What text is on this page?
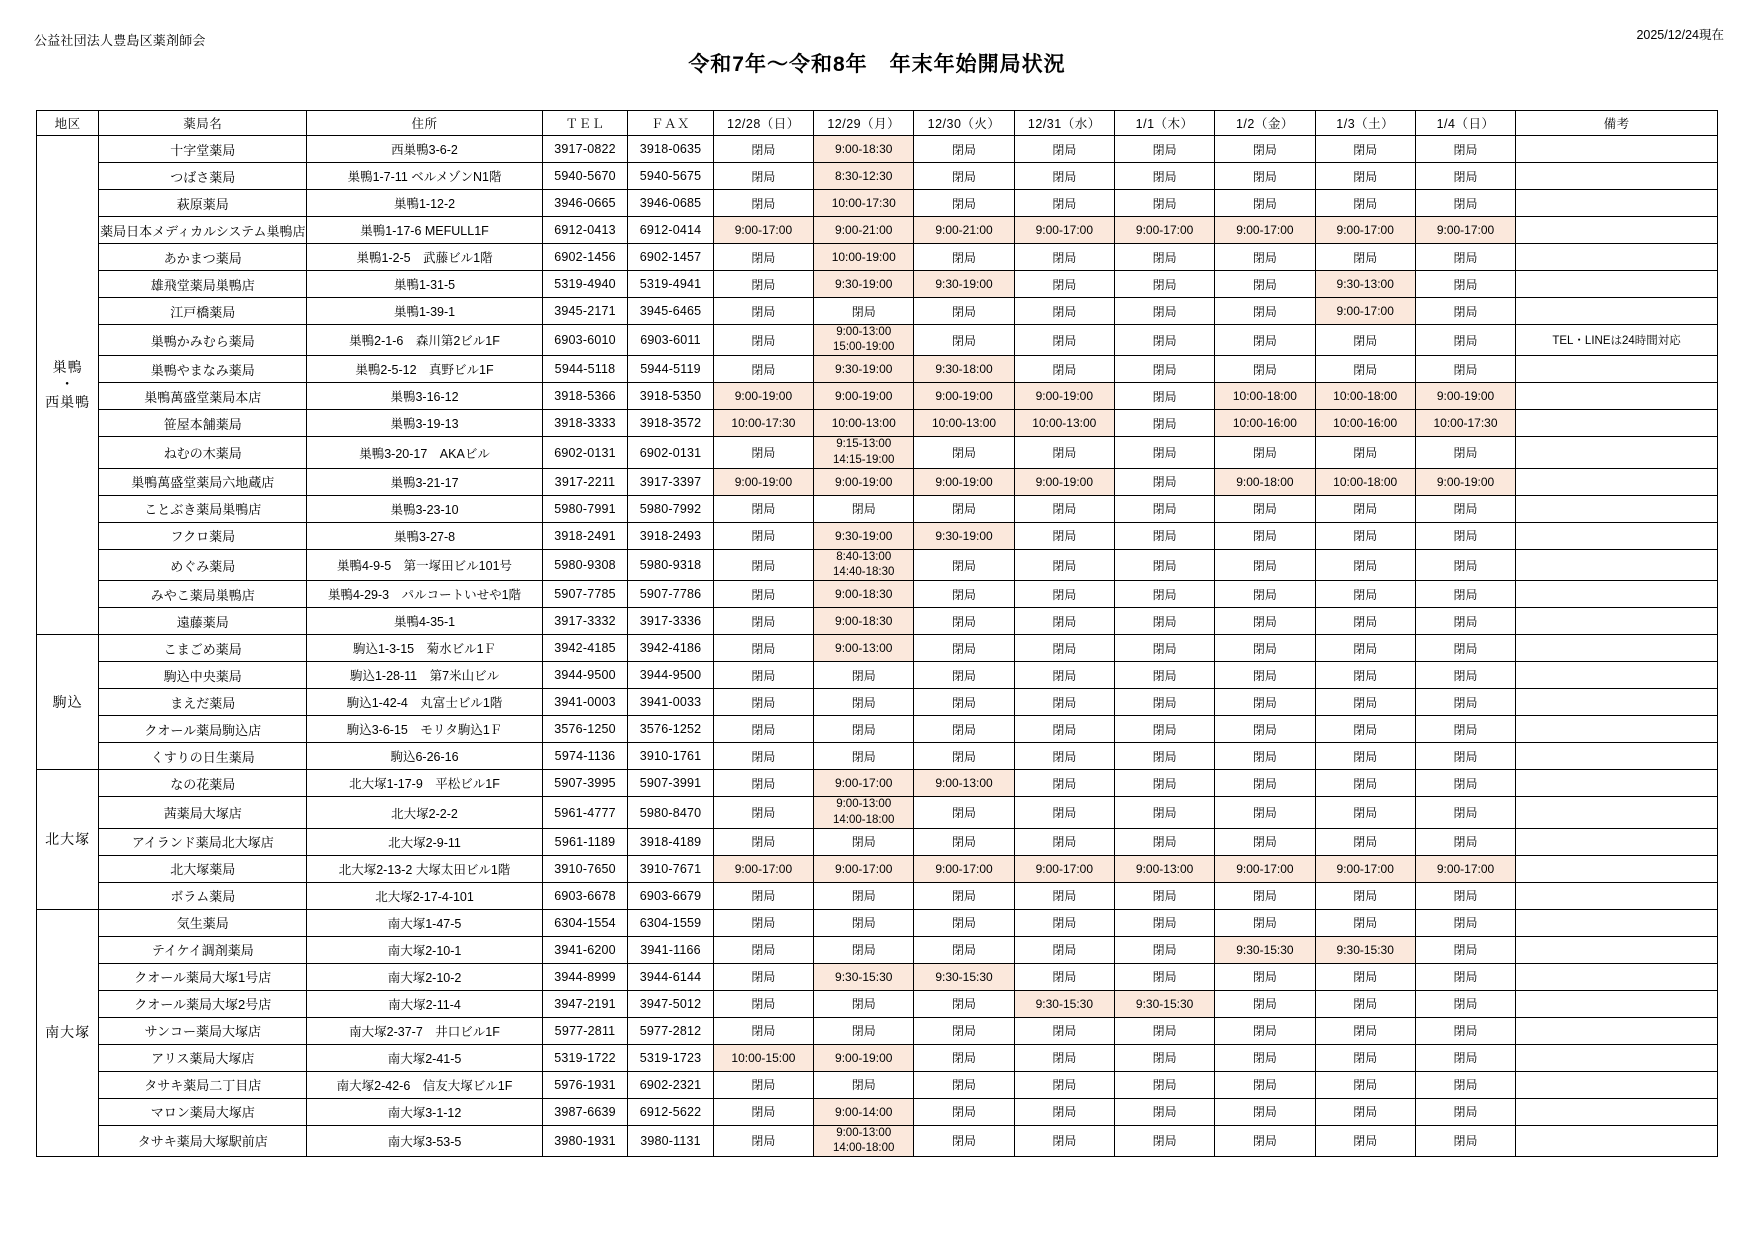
公益社団法人豊島区薬剤師会	2025/12/24現在
令和7年～令和8年　年末年始開局状況
地区	薬局名	住所	ＴＥＬ	ＦＡＸ	12/28（日）	12/29（月）	12/30（火）	12/31（水）	1/1（木）	1/2（金）	1/3（土）	1/4（日）	備考

巣鴨
・
西巣鴨	十字堂薬局	西巣鴨3-6-2	3917-0822	3918-0635	閉局	9:00-18:30	閉局	閉局	閉局	閉局	閉局	閉局	
	つばさ薬局	巣鴨1-7-11 ベルメゾンN1階	5940-5670	5940-5675	閉局	8:30-12:30	閉局	閉局	閉局	閉局	閉局	閉局	
	萩原薬局	巣鴨1-12-2	3946-0665	3946-0685	閉局	10:00-17:30	閉局	閉局	閉局	閉局	閉局	閉局	
	薬局日本メディカルシステム巣鴨店	巣鴨1-17-6 MEFULL1F	6912-0413	6912-0414	9:00-17:00	9:00-21:00	9:00-21:00	9:00-17:00	9:00-17:00	9:00-17:00	9:00-17:00	9:00-17:00	
	あかまつ薬局	巣鴨1-2-5　武藤ビル1階	6902-1456	6902-1457	閉局	10:00-19:00	閉局	閉局	閉局	閉局	閉局	閉局	
	雄飛堂薬局巣鴨店	巣鴨1-31-5	5319-4940	5319-4941	閉局	9:30-19:00	9:30-19:00	閉局	閉局	閉局	9:30-13:00	閉局	
	江戸橋薬局	巣鴨1-39-1	3945-2171	3945-6465	閉局	閉局	閉局	閉局	閉局	閉局	9:00-17:00	閉局	
	巣鴨かみむら薬局	巣鴨2-1-6　森川第2ビル1F	6903-6010	6903-6011	閉局	9:00-13:00
15:00-19:00	閉局	閉局	閉局	閉局	閉局	閉局	TEL・LINEは24時間対応
	巣鴨やまなみ薬局	巣鴨2-5-12　真野ビル1F	5944-5118	5944-5119	閉局	9:30-19:00	9:30-18:00	閉局	閉局	閉局	閉局	閉局	
	巣鴨萬盛堂薬局本店	巣鴨3-16-12	3918-5366	3918-5350	9:00-19:00	9:00-19:00	9:00-19:00	9:00-19:00	閉局	10:00-18:00	10:00-18:00	9:00-19:00	
	笹屋本舗薬局	巣鴨3-19-13	3918-3333	3918-3572	10:00-17:30	10:00-13:00	10:00-13:00	10:00-13:00	閉局	10:00-16:00	10:00-16:00	10:00-17:30	
	ねむの木薬局	巣鴨3-20-17　AKAビル	6902-0131	6902-0131	閉局	9:15-13:00
14:15-19:00	閉局	閉局	閉局	閉局	閉局	閉局	
	巣鴨萬盛堂薬局六地蔵店	巣鴨3-21-17	3917-2211	3917-3397	9:00-19:00	9:00-19:00	9:00-19:00	9:00-19:00	閉局	9:00-18:00	10:00-18:00	9:00-19:00	
	ことぶき薬局巣鴨店	巣鴨3-23-10	5980-7991	5980-7992	閉局	閉局	閉局	閉局	閉局	閉局	閉局	閉局	
	フクロ薬局	巣鴨3-27-8	3918-2491	3918-2493	閉局	9:30-19:00	9:30-19:00	閉局	閉局	閉局	閉局	閉局	
	めぐみ薬局	巣鴨4-9-5　第一塚田ビル101号	5980-9308	5980-9318	閉局	8:40-13:00
14:40-18:30	閉局	閉局	閉局	閉局	閉局	閉局	
	みやこ薬局巣鴨店	巣鴨4-29-3　パルコートいせや1階	5907-7785	5907-7786	閉局	9:00-18:30	閉局	閉局	閉局	閉局	閉局	閉局	
	遠藤薬局	巣鴨4-35-1	3917-3332	3917-3336	閉局	9:00-18:30	閉局	閉局	閉局	閉局	閉局	閉局	

駒込	こまごめ薬局	駒込1-3-15　菊水ビル1Ｆ	3942-4185	3942-4186	閉局	9:00-13:00	閉局	閉局	閉局	閉局	閉局	閉局	
	駒込中央薬局	駒込1-28-11　第7米山ビル	3944-9500	3944-9500	閉局	閉局	閉局	閉局	閉局	閉局	閉局	閉局	
	まえだ薬局	駒込1-42-4　丸富士ビル1階	3941-0003	3941-0033	閉局	閉局	閉局	閉局	閉局	閉局	閉局	閉局	
	クオール薬局駒込店	駒込3-6-15　モリタ駒込1Ｆ	3576-1250	3576-1252	閉局	閉局	閉局	閉局	閉局	閉局	閉局	閉局	
	くすりの日生薬局	駒込6-26-16	5974-1136	3910-1761	閉局	閉局	閉局	閉局	閉局	閉局	閉局	閉局	

北大塚	なの花薬局	北大塚1-17-9　平松ビル1F	5907-3995	5907-3991	閉局	9:00-17:00	9:00-13:00	閉局	閉局	閉局	閉局	閉局	
	茜薬局大塚店	北大塚2-2-2	5961-4777	5980-8470	閉局	9:00-13:00
14:00-18:00	閉局	閉局	閉局	閉局	閉局	閉局	
	アイランド薬局北大塚店	北大塚2-9-11	5961-1189	3918-4189	閉局	閉局	閉局	閉局	閉局	閉局	閉局	閉局	
	北大塚薬局	北大塚2-13-2 大塚太田ビル1階	3910-7650	3910-7671	9:00-17:00	9:00-17:00	9:00-17:00	9:00-17:00	9:00-13:00	9:00-17:00	9:00-17:00	9:00-17:00	
	ボラム薬局	北大塚2-17-4-101	6903-6678	6903-6679	閉局	閉局	閉局	閉局	閉局	閉局	閉局	閉局	

南大塚	気生薬局	南大塚1-47-5	6304-1554	6304-1559	閉局	閉局	閉局	閉局	閉局	閉局	閉局	閉局	
	テイケイ調剤薬局	南大塚2-10-1	3941-6200	3941-1166	閉局	閉局	閉局	閉局	閉局	9:30-15:30	9:30-15:30	閉局	
	クオール薬局大塚1号店	南大塚2-10-2	3944-8999	3944-6144	閉局	9:30-15:30	9:30-15:30	閉局	閉局	閉局	閉局	閉局	
	クオール薬局大塚2号店	南大塚2-11-4	3947-2191	3947-5012	閉局	閉局	閉局	9:30-15:30	9:30-15:30	閉局	閉局	閉局	
	サンコー薬局大塚店	南大塚2-37-7　井口ビル1F	5977-2811	5977-2812	閉局	閉局	閉局	閉局	閉局	閉局	閉局	閉局	
	アリス薬局大塚店	南大塚2-41-5	5319-1722	5319-1723	10:00-15:00	9:00-19:00	閉局	閉局	閉局	閉局	閉局	閉局	
	タサキ薬局二丁目店	南大塚2-42-6　信友大塚ビル1F	5976-1931	6902-2321	閉局	閉局	閉局	閉局	閉局	閉局	閉局	閉局	
	マロン薬局大塚店	南大塚3-1-12	3987-6639	6912-5622	閉局	9:00-14:00	閉局	閉局	閉局	閉局	閉局	閉局	
	タサキ薬局大塚駅前店	南大塚3-53-5	3980-1931	3980-1131	閉局	9:00-13:00
14:00-18:00	閉局	閉局	閉局	閉局	閉局	閉局	
